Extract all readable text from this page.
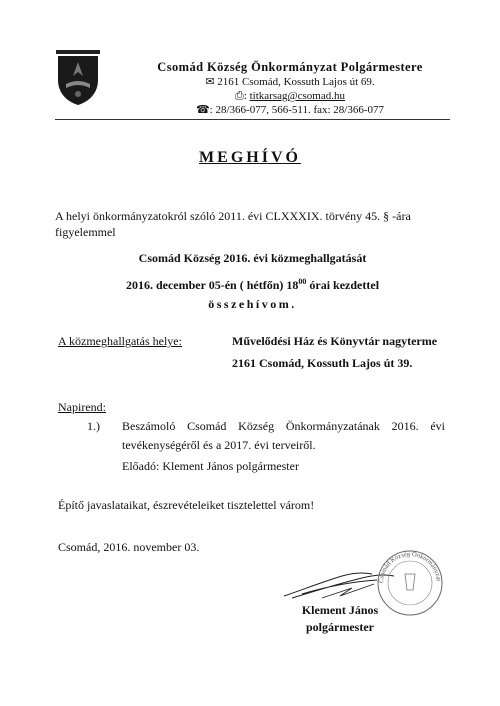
Csomád Község Önkormányzat Polgármestere
✉ 2161 Csomád, Kossuth Lajos út 69.
⎙: titkarsag@csomad.hu
☎: 28/366-077, 566-511. fax: 28/366-077
MEGHÍVÓ
A helyi önkormányzatokról szóló 2011. évi CLXXXIX. törvény 45. § -ára
figyelemmel
Csomád Község 2016. évi közmeghallgatását
2016. december 05-én ( hétfőn) $18^{00}$ órai kezdettel
összehívom.
A közmeghallgatás helye:	Művelődési Ház és Könyvtár nagyterme
2161 Csomád, Kossuth Lajos út 39.
Napirend:
1.) Beszámoló Csomád Község Önkormányzatának 2016. évi
tevékenységéről és a 2017. évi terveiről.
Előadó: Klement János polgármester
Építő javaslataikat, észrevételeiket tisztelettel várom!
Csomád, 2016. november 03.
Csomád Község Önkormányzat
Klement János
polgármester
